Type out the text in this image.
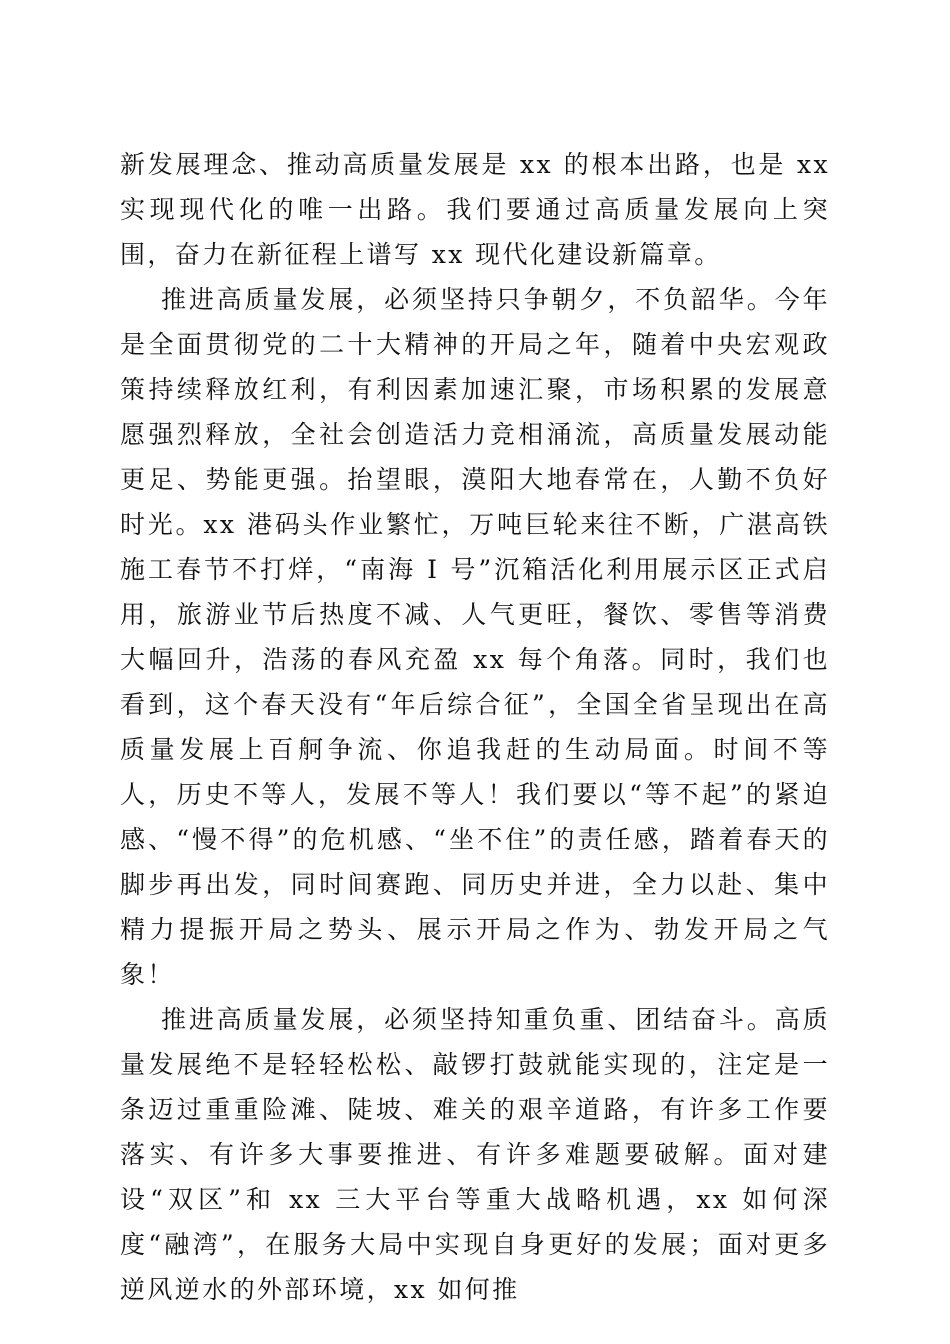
新发展理念、推动高质量发展是 xx 的根本出路，也是 xx 实现现代化的唯一出路。我们要通过高质量发展向上突围，奋力在新征程上谱写 xx 现代化建设新篇章。

推进高质量发展，必须坚持只争朝夕，不负韶华。今年是全面贯彻党的二十大精神的开局之年，随着中央宏观政策持续释放红利，有利因素加速汇聚，市场积累的发展意愿强烈释放，全社会创造活力竞相涌流，高质量发展动能更足、势能更强。抬望眼，漠阳大地春常在，人勤不负好时光。xx 港码头作业繁忙，万吨巨轮来往不断，广湛高铁施工春节不打烊，“南海 I 号”沉箱活化利用展示区正式启用，旅游业节后热度不减、人气更旺，餐饮、零售等消费大幅回升，浩荡的春风充盈 xx 每个角落。同时，我们也看到，这个春天没有“年后综合征”，全国全省呈现出在高质量发展上百舸争流、你追我赶的生动局面。时间不等人，历史不等人，发展不等人！我们要以“等不起”的紧迫感、“慢不得”的危机感、“坐不住”的责任感，踏着春天的脚步再出发，同时间赛跑、同历史并进，全力以赴、集中精力提振开局之势头、展示开局之作为、勃发开局之气象！

推进高质量发展，必须坚持知重负重、团结奋斗。高质量发展绝不是轻轻松松、敲锣打鼓就能实现的，注定是一条迈过重重险滩、陡坡、难关的艰辛道路，有许多工作要落实、有许多大事要推进、有许多难题要破解。面对建设“双区”和 xx 三大平台等重大战略机遇，xx 如何深度“融湾”，在服务大局中实现自身更好的发展；面对更多逆风逆水的外部环境，xx 如何推
